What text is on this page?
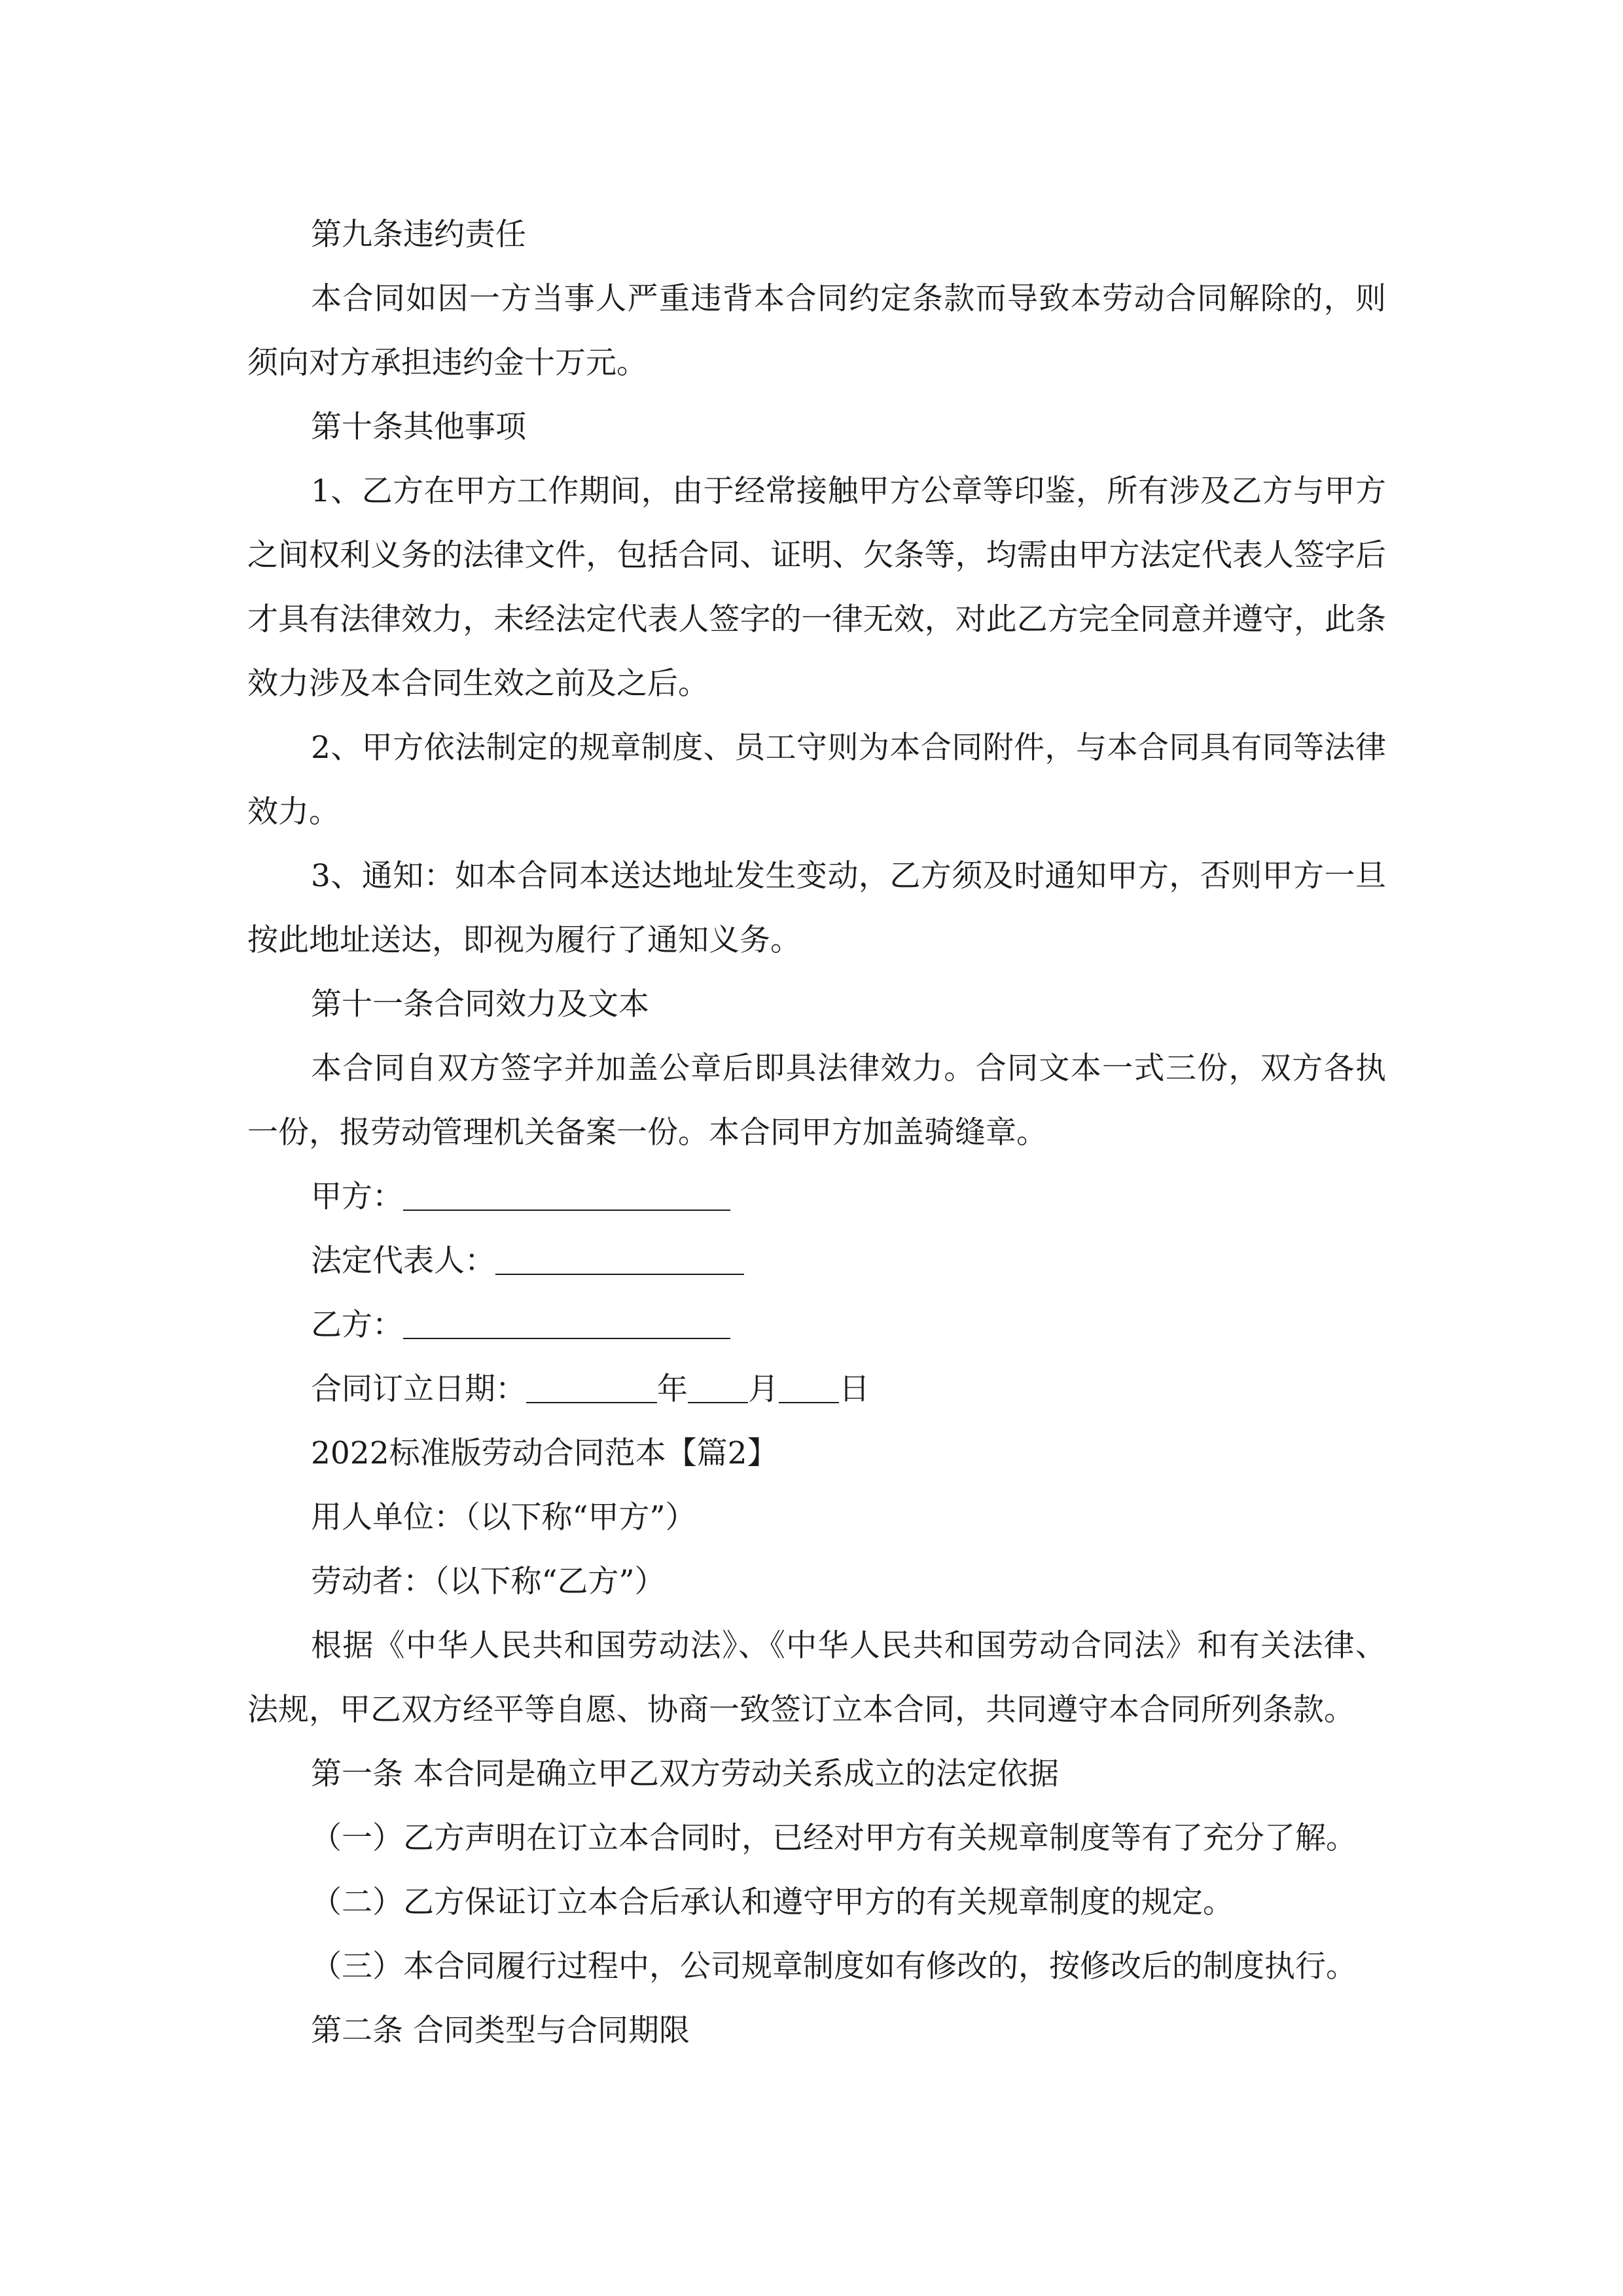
第九条违约责任

本合同如因一方当事人严重违背本合同约定条款而导致本劳动合同解除的，则须向对方承担违约金十万元。

第十条其他事项

1、乙方在甲方工作期间，由于经常接触甲方公章等印鉴，所有涉及乙方与甲方之间权利义务的法律文件，包括合同、证明、欠条等，均需由甲方法定代表人签字后才具有法律效力，未经法定代表人签字的一律无效，对此乙方完全同意并遵守，此条效力涉及本合同生效之前及之后。

2、甲方依法制定的规章制度、员工守则为本合同附件，与本合同具有同等法律效力。

3、通知：如本合同本送达地址发生变动，乙方须及时通知甲方，否则甲方一旦按此地址送达，即视为履行了通知义务。

第十一条合同效力及文本

本合同自双方签字并加盖公章后即具法律效力。合同文本一式三份，双方各执一份，报劳动管理机关备案一份。本合同甲方加盖骑缝章。

甲方：

法定代表人：

乙方：

合同订立日期：	年 月 日

2022标准版劳动合同范本【篇2】

用人单位：（以下称“甲方”）

劳动者：（以下称“乙方”）

根据《中华人民共和国劳动法》、《中华人民共和国劳动合同法》和有关法律、法规，甲乙双方经平等自愿、协商一致签订立本合同，共同遵守本合同所列条款。

第一条 本合同是确立甲乙双方劳动关系成立的法定依据

（一）乙方声明在订立本合同时，已经对甲方有关规章制度等有了充分了解。

（二）乙方保证订立本合后承认和遵守甲方的有关规章制度的规定。

（三）本合同履行过程中，公司规章制度如有修改的，按修改后的制度执行。

第二条 合同类型与合同期限
